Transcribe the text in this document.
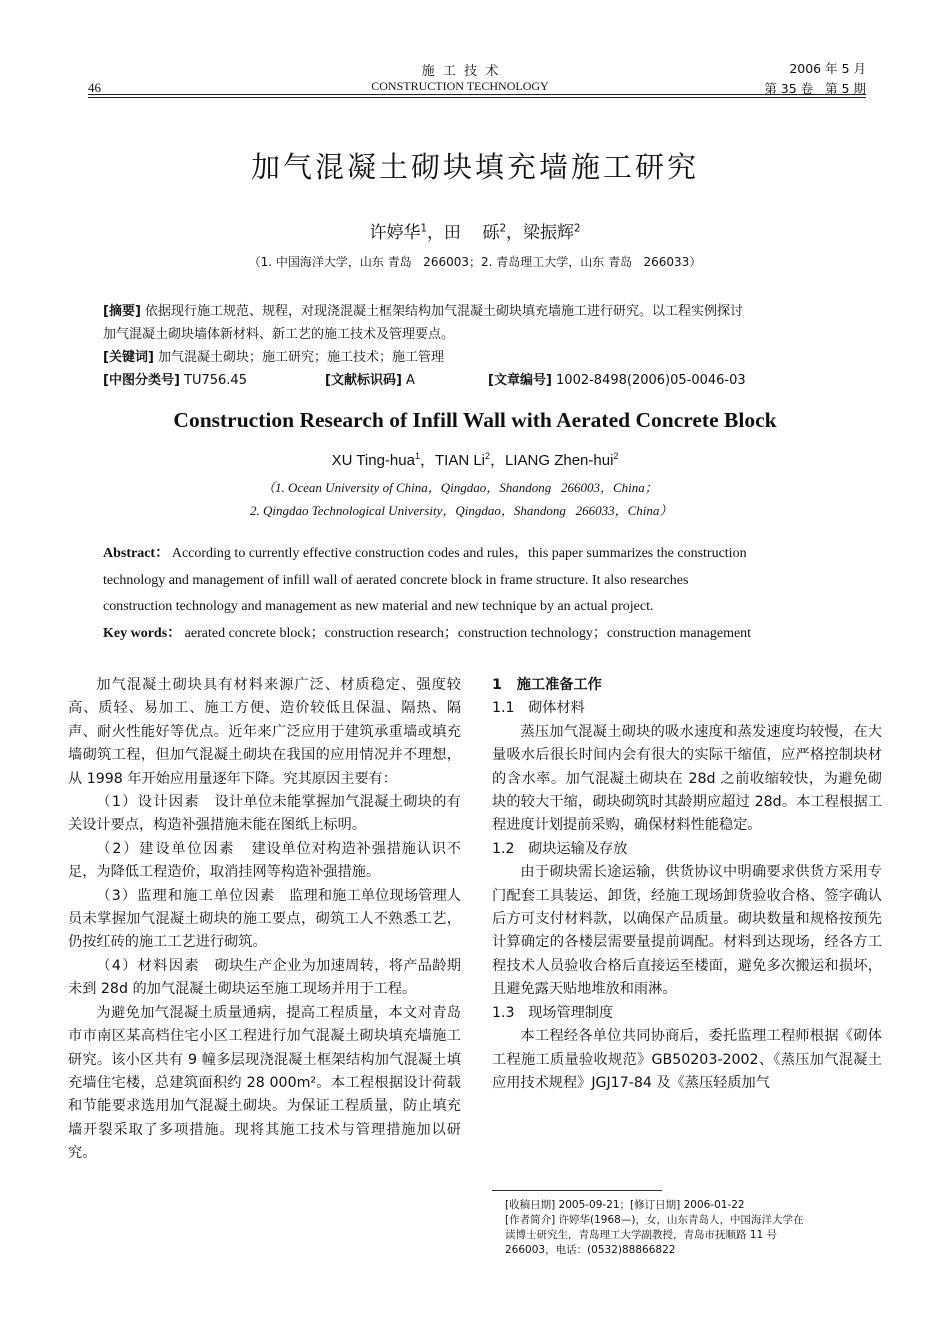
46
施  工  技  术
CONSTRUCTION TECHNOLOGY
2006 年 5 月
第 35 卷   第 5 期
加气混凝土砌块填充墙施工研究
许婷华$^1$，田    砾$^2$，梁振辉$^2$
（1. 中国海洋大学，山东 青岛   266003；2. 青岛理工大学，山东 青岛   266033）
[摘要] 依据现行施工规范、规程，对现浇混凝土框架结构加气混凝土砌块填充墙施工进行研究。以工程实例探讨
加气混凝土砌块墙体新材料、新工艺的施工技术及管理要点。
[关键词] 加气混凝土砌块；施工研究；施工技术；施工管理
[中图分类号] TU756.45	[文献标识码] A	[文章编号] 1002-8498(2006)05-0046-03
Construction Research of Infill Wall with Aerated Concrete Block
XU Ting-hua$^1$，TIAN Li$^2$，LIANG Zhen-hui$^2$
（1. Ocean University of China，Qingdao，Shandong   266003，China；
2. Qingdao Technological University，Qingdao，Shandong   266033，China）
Abstract： According to currently effective construction codes and rules，this paper summarizes the construction
technology and management of infill wall of aerated concrete block in frame structure. It also researches
construction technology and management as new material and new technique by an actual project.
Key words： aerated concrete block；construction research；construction technology；construction management

加气混凝土砌块具有材料来源广泛、材质稳定、强度较高、质轻、易加工、施工方便、造价较低且保温、隔热、隔声、耐火性能好等优点。近年来广泛应用于建筑承重墙或填充墙砌筑工程，但加气混凝土砌块在我国的应用情况并不理想，从 1998 年开始应用量逐年下降。究其原因主要有：

（1）设计因素 设计单位未能掌握加气混凝土砌块的有关设计要点，构造补强措施未能在图纸上标明。

（2）建设单位因素 建设单位对构造补强措施认识不足，为降低工程造价，取消挂网等构造补强措施。

（3）监理和施工单位因素 监理和施工单位现场管理人员未掌握加气混凝土砌块的施工要点，砌筑工人不熟悉工艺，仍按红砖的施工工艺进行砌筑。

（4）材料因素 砌块生产企业为加速周转，将产品龄期未到 28d 的加气混凝土砌块运至施工现场并用于工程。

为避免加气混凝土质量通病，提高工程质量，本文对青岛市市南区某高档住宅小区工程进行加气混凝土砌块填充墙施工研究。该小区共有 9 幢多层现浇混凝土框架结构加气混凝土填充墙住宅楼，总建筑面积约 28 000m²。本工程根据设计荷载和节能要求选用加气混凝土砌块。为保证工程质量，防止填充墙开裂采取了多项措施。现将其施工技术与管理措施加以研究。

1   施工准备工作
1.1   砌体材料

蒸压加气混凝土砌块的吸水速度和蒸发速度均较慢，在大量吸水后很长时间内会有很大的实际干缩值，应严格控制块材的含水率。加气混凝土砌块在 28d 之前收缩较快，为避免砌块的较大干缩，砌块砌筑时其龄期应超过 28d。本工程根据工程进度计划提前采购，确保材料性能稳定。

1.2   砌块运输及存放

由于砌块需长途运输，供货协议中明确要求供货方采用专门配套工具装运、卸货，经施工现场卸货验收合格、签字确认后方可支付材料款，以确保产品质量。砌块数量和规格按预先计算确定的各楼层需要量提前调配。材料到达现场，经各方工程技术人员验收合格后直接运至楼面，避免多次搬运和损坏，且避免露天贴地堆放和雨淋。

1.3   现场管理制度

本工程经各单位共同协商后，委托监理工程师根据《砌体工程施工质量验收规范》GB50203-2002、《蒸压加气混凝土应用技术规程》JGJ17-84 及《蒸压轻质加气

[收稿日期] 2005-09-21；[修订日期] 2006-01-22
[作者简介] 许婷华(1968—)，女，山东青岛人，中国海洋大学在
读博士研究生，青岛理工大学副教授，青岛市抚顺路 11 号
266003，电话：(0532)88866822
